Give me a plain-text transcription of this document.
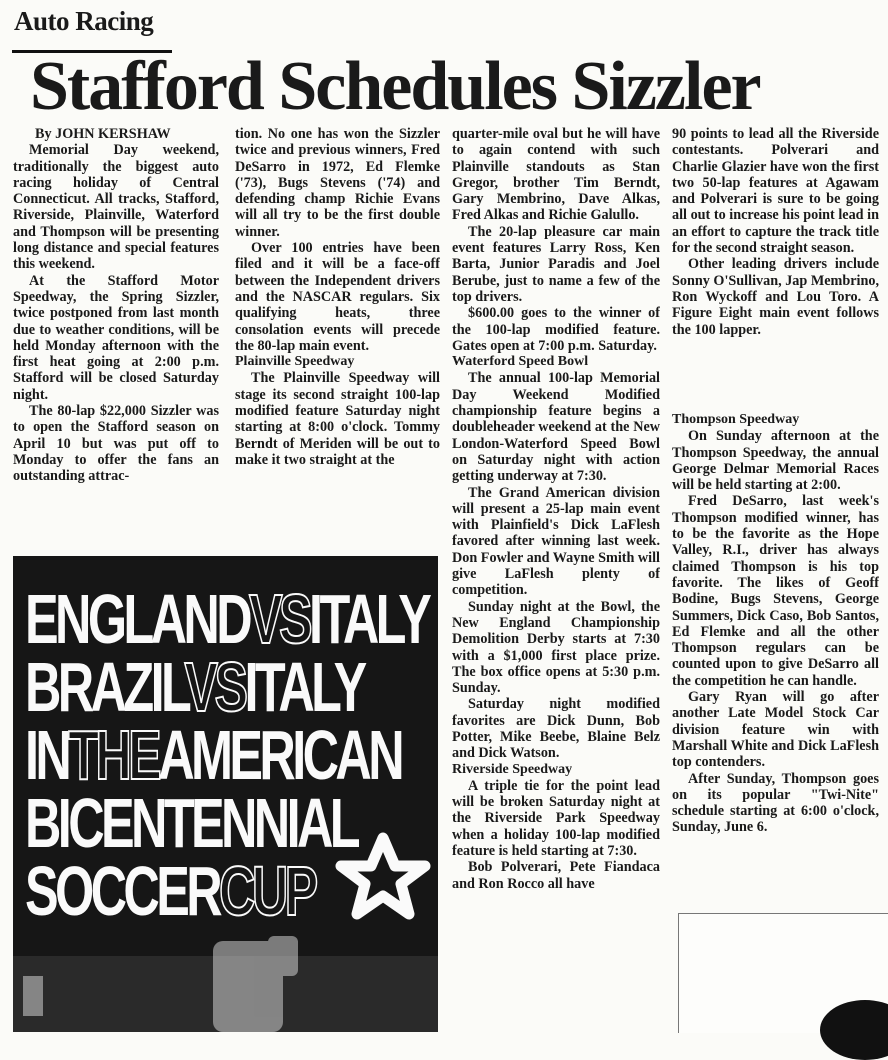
Auto Racing
Stafford Schedules Sizzler

By JOHN KERSHAW

Memorial Day weekend, traditionally the biggest auto racing holiday of Central Connecticut. All tracks, Stafford, Riverside, Plainville, Waterford and Thompson will be presenting long distance and special features this weekend.

At the Stafford Motor Speedway, the Spring Sizzler, twice postponed from last month due to weather conditions, will be held Monday afternoon with the first heat going at 2:00 p.m. Stafford will be closed Saturday night.

The 80-lap $22,000 Sizzler was to open the Stafford season on April 10 but was put off to Monday to offer the fans an outstanding attrac-

tion. No one has won the Sizzler twice and previous winners, Fred DeSarro in 1972, Ed Flemke ('73), Bugs Stevens ('74) and defending champ Richie Evans will all try to be the first double winner.

Over 100 entries have been filed and it will be a face-off between the Independent drivers and the NASCAR regulars. Six qualifying heats, three consolation events will precede the 80-lap main event.

Plainville Speedway

The Plainville Speedway will stage its second straight 100-lap modified feature Saturday night starting at 8:00 o'clock. Tommy Berndt of Meriden will be out to make it two straight at the

quarter-mile oval but he will have to again contend with such Plainville standouts as Stan Gregor, brother Tim Berndt, Gary Membrino, Dave Alkas, Fred Alkas and Richie Galullo.

The 20-lap pleasure car main event features Larry Ross, Ken Barta, Junior Paradis and Joel Berube, just to name a few of the top drivers.

$600.00 goes to the winner of the 100-lap modified feature. Gates open at 7:00 p.m. Saturday.

Waterford Speed Bowl

The annual 100-lap Memorial Day Weekend Modified championship feature begins a doubleheader weekend at the New London-Waterford Speed Bowl on Saturday night with action getting underway at 7:30.

The Grand American division will present a 25-lap main event with Plainfield's Dick LaFlesh favored after winning last week. Don Fowler and Wayne Smith will give LaFlesh plenty of competition.

Sunday night at the Bowl, the New England Championship Demolition Derby starts at 7:30 with a $1,000 first place prize. The box office opens at 5:30 p.m. Sunday.

Saturday night modified favorites are Dick Dunn, Bob Potter, Mike Beebe, Blaine Belz and Dick Watson.

Riverside Speedway

A triple tie for the point lead will be broken Saturday night at the Riverside Park Speedway when a holiday 100-lap modified feature is held starting at 7:30.

Bob Polverari, Pete Fiandaca and Ron Rocco all have

90 points to lead all the Riverside contestants. Polverari and Charlie Glazier have won the first two 50-lap features at Agawam and Polverari is sure to be going all out to increase his point lead in an effort to capture the track title for the second straight season.

Other leading drivers include Sonny O'Sullivan, Jap Membrino, Ron Wyckoff and Lou Toro. A Figure Eight main event follows the 100 lapper.

Thompson Speedway

On Sunday afternoon at the Thompson Speedway, the annual George Delmar Memorial Races will be held starting at 2:00.

Fred DeSarro, last week's Thompson modified winner, has to be the favorite as the Hope Valley, R.I., driver has always claimed Thompson is his top favorite. The likes of Geoff Bodine, Bugs Stevens, George Summers, Dick Caso, Bob Santos, Ed Flemke and all the other Thompson regulars can be counted upon to give DeSarro all the competition he can handle.

Gary Ryan will go after another Late Model Stock Car division feature win with Marshall White and Dick LaFlesh top contenders.

After Sunday, Thompson goes on its popular "Twi-Nite" schedule starting at 6:00 o'clock, Sunday, June 6.

ENGLANDVSITALY
BRAZILVSITALY
INTHEAMERICAN
BICENTENNIAL
SOCCERCUP
